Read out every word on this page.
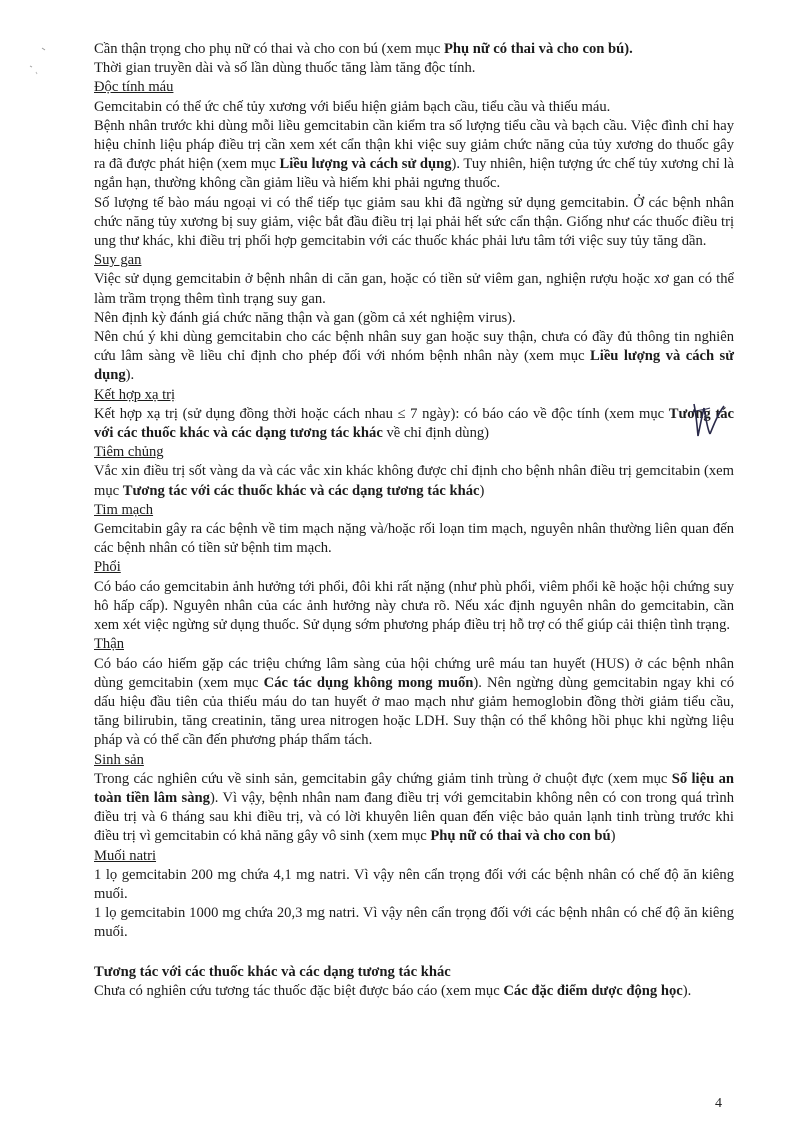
Cần thận trọng cho phụ nữ có thai và cho con bú (xem mục Phụ nữ có thai và cho con bú).

Thời gian truyền dài và số lần dùng thuốc tăng làm tăng độc tính.

Độc tính máu

Gemcitabin có thể ức chế tủy xương với biểu hiện giảm bạch cầu, tiểu cầu và thiếu máu.

Bệnh nhân trước khi dùng mỗi liều gemcitabin cần kiểm tra số lượng tiểu cầu và bạch cầu. Việc đình chỉ hay hiệu chỉnh liệu pháp điều trị cần xem xét cẩn thận khi việc suy giảm chức năng của tủy xương do thuốc gây ra đã được phát hiện (xem mục Liều lượng và cách sử dụng). Tuy nhiên, hiện tượng ức chế tủy xương chỉ là ngắn hạn, thường không cần giảm liều và hiếm khi phải ngưng thuốc.

Số lượng tế bào máu ngoại vi có thể tiếp tục giảm sau khi đã ngừng sử dụng gemcitabin. Ở các bệnh nhân chức năng tủy xương bị suy giảm, việc bắt đầu điều trị lại phải hết sức cẩn thận. Giống như các thuốc điều trị ung thư khác, khi điều trị phối hợp gemcitabin với các thuốc khác phải lưu tâm tới việc suy tủy tăng dần.

Suy gan

Việc sử dụng gemcitabin ở bệnh nhân di căn gan, hoặc có tiền sử viêm gan, nghiện rượu hoặc xơ gan có thể làm trầm trọng thêm tình trạng suy gan.

Nên định kỳ đánh giá chức năng thận và gan (gồm cả xét nghiệm virus).

Nên chú ý khi dùng gemcitabin cho các bệnh nhân suy gan hoặc suy thận, chưa có đầy đủ thông tin nghiên cứu lâm sàng về liều chỉ định cho phép đối với nhóm bệnh nhân này (xem mục Liều lượng và cách sử dụng).

Kết hợp xạ trị

Kết hợp xạ trị (sử dụng đồng thời hoặc cách nhau ≤ 7 ngày): có báo cáo về độc tính (xem mục Tương tác với các thuốc khác và các dạng tương tác khác về chỉ định dùng)

Tiêm chủng

Vắc xin điều trị sốt vàng da và các vắc xin khác không được chỉ định cho bệnh nhân điều trị gemcitabin (xem mục Tương tác với các thuốc khác và các dạng tương tác khác)

Tim mạch

Gemcitabin gây ra các bệnh về tim mạch nặng và/hoặc rối loạn tim mạch, nguyên nhân thường liên quan đến các bệnh nhân có tiền sử bệnh tim mạch.

Phổi

Có báo cáo gemcitabin ảnh hưởng tới phổi, đôi khi rất nặng (như phù phổi, viêm phổi kẽ hoặc hội chứng suy hô hấp cấp). Nguyên nhân của các ảnh hưởng này chưa rõ. Nếu xác định nguyên nhân do gemcitabin, cần xem xét việc ngừng sử dụng thuốc. Sử dụng sớm phương pháp điều trị hỗ trợ có thể giúp cải thiện tình trạng.

Thận

Có báo cáo hiếm gặp các triệu chứng lâm sàng của hội chứng urê máu tan huyết (HUS) ở các bệnh nhân dùng gemcitabin (xem mục Các tác dụng không mong muốn). Nên ngừng dùng gemcitabin ngay khi có dấu hiệu đầu tiên của thiếu máu do tan huyết ở mao mạch như giảm hemoglobin đồng thời giảm tiểu cầu, tăng bilirubin, tăng creatinin, tăng urea nitrogen hoặc LDH. Suy thận có thể không hồi phục khi ngừng liệu pháp và có thể cần đến phương pháp thẩm tách.

Sinh sản

Trong các nghiên cứu về sinh sản, gemcitabin gây chứng giảm tinh trùng ở chuột đực (xem mục Số liệu an toàn tiền lâm sàng). Vì vậy, bệnh nhân nam đang điều trị với gemcitabin không nên có con trong quá trình điều trị và 6 tháng sau khi điều trị, và có lời khuyên liên quan đến việc bảo quản lạnh tinh trùng trước khi điều trị vì gemcitabin có khả năng gây vô sinh (xem mục Phụ nữ có thai và cho con bú)

Muối natri

1 lọ gemcitabin 200 mg chứa 4,1 mg natri. Vì vậy nên cẩn trọng đối với các bệnh nhân có chế độ ăn kiêng muối.

1 lọ gemcitabin 1000 mg chứa 20,3 mg natri. Vì vậy nên cẩn trọng đối với các bệnh nhân có chế độ ăn kiêng muối.

Tương tác với các thuốc khác và các dạng tương tác khác

Chưa có nghiên cứu tương tác thuốc đặc biệt được báo cáo (xem mục Các đặc điểm dược động học).

4
